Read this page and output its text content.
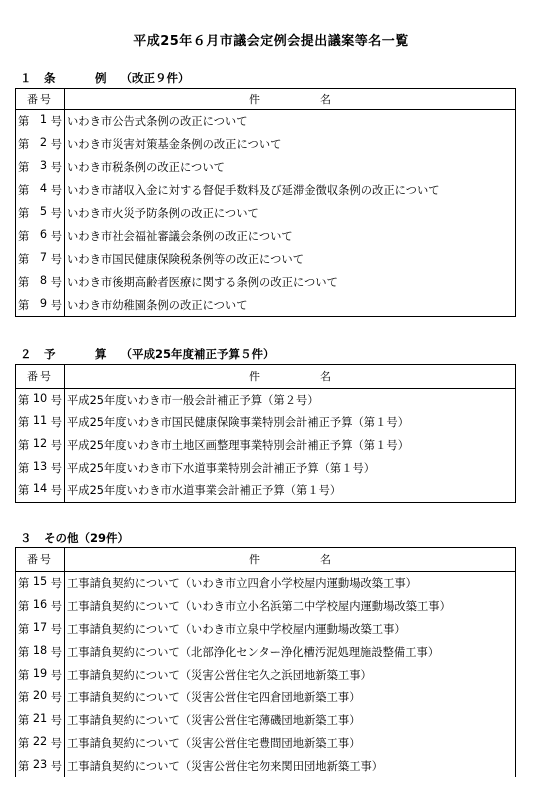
平成25年６月市議会定例会提出議案等名一覧
１ 条　例（改正９件）
番号	件 名

第 1 号	いわき市公告式条例の改正について

第 2 号	いわき市災害対策基金条例の改正について

第 3 号	いわき市税条例の改正について

第 4 号	いわき市諸収入金に対する督促手数料及び延滞金徴収条例の改正について

第 5 号	いわき市火災予防条例の改正について

第 6 号	いわき市社会福祉審議会条例の改正について

第 7 号	いわき市国民健康保険税条例等の改正について

第 8 号	いわき市後期高齢者医療に関する条例の改正について

第 9 号	いわき市幼稚園条例の改正について
２ 予　算（平成25年度補正予算５件）
番号	件 名

第 10 号	平成25年度いわき市一般会計補正予算（第２号）

第 11 号	平成25年度いわき市国民健康保険事業特別会計補正予算（第１号）

第 12 号	平成25年度いわき市土地区画整理事業特別会計補正予算（第１号）

第 13 号	平成25年度いわき市下水道事業特別会計補正予算（第１号）

第 14 号	平成25年度いわき市水道事業会計補正予算（第１号）
３ その他（29件）
番号	件 名

第 15 号	工事請負契約について（いわき市立四倉小学校屋内運動場改築工事）

第 16 号	工事請負契約について（いわき市立小名浜第二中学校屋内運動場改築工事）

第 17 号	工事請負契約について（いわき市立泉中学校屋内運動場改築工事）

第 18 号	工事請負契約について（北部浄化センター浄化槽汚泥処理施設整備工事）

第 19 号	工事請負契約について（災害公営住宅久之浜団地新築工事）

第 20 号	工事請負契約について（災害公営住宅四倉団地新築工事）

第 21 号	工事請負契約について（災害公営住宅薄磯団地新築工事）

第 22 号	工事請負契約について（災害公営住宅豊間団地新築工事）

第 23 号	工事請負契約について（災害公営住宅勿来関田団地新築工事）
